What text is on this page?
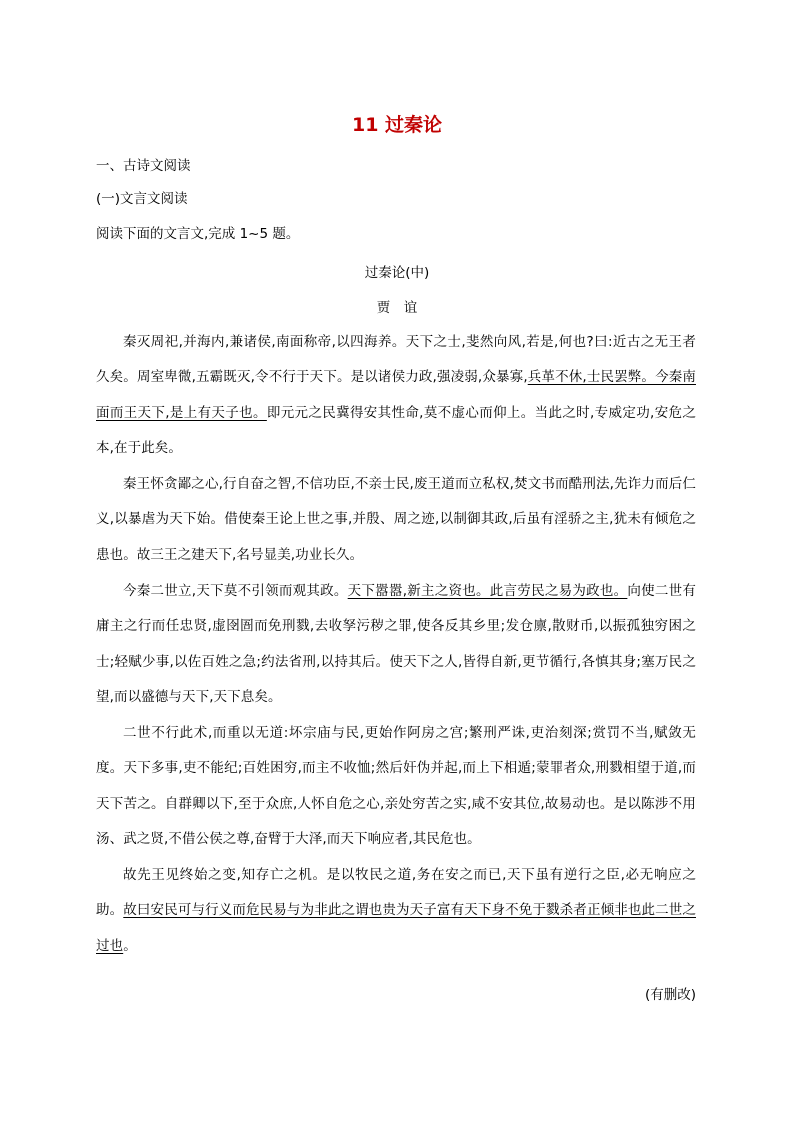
11 过秦论
一、古诗文阅读
(一)文言文阅读
阅读下面的文言文,完成 1~5 题。
过秦论(中)
贾　谊

秦灭周祀,并海内,兼诸侯,南面称帝,以四海养。天下之士,斐然向风,若是,何也?曰:近古之无王者久矣。周室卑微,五霸既灭,令不行于天下。是以诸侯力政,强凌弱,众暴寡,兵革不休,士民罢弊。今秦南面而王天下,是上有天子也。即元元之民冀得安其性命,莫不虚心而仰上。当此之时,专威定功,安危之本,在于此矣。

秦王怀贪鄙之心,行自奋之智,不信功臣,不亲士民,废王道而立私权,焚文书而酷刑法,先诈力而后仁义,以暴虐为天下始。借使秦王论上世之事,并殷、周之迹,以制御其政,后虽有淫骄之主,犹未有倾危之患也。故三王之建天下,名号显美,功业长久。

今秦二世立,天下莫不引领而观其政。天下嚣嚣,新主之资也。此言劳民之易为政也。向使二世有庸主之行而任忠贤,虚囹圄而免刑戮,去收孥污秽之罪,使各反其乡里;发仓廪,散财币,以振孤独穷困之士;轻赋少事,以佐百姓之急;约法省刑,以持其后。使天下之人,皆得自新,更节循行,各慎其身;塞万民之望,而以盛德与天下,天下息矣。

二世不行此术,而重以无道:坏宗庙与民,更始作阿房之宫;繁刑严诛,吏治刻深;赏罚不当,赋敛无度。天下多事,吏不能纪;百姓困穷,而主不收恤;然后奸伪并起,而上下相遁;蒙罪者众,刑戮相望于道,而天下苦之。自群卿以下,至于众庶,人怀自危之心,亲处穷苦之实,咸不安其位,故易动也。是以陈涉不用汤、武之贤,不借公侯之尊,奋臂于大泽,而天下响应者,其民危也。

故先王见终始之变,知存亡之机。是以牧民之道,务在安之而已,天下虽有逆行之臣,必无响应之助。故曰安民可与行义而危民易与为非此之谓也贵为天子富有天下身不免于戮杀者正倾非也此二世之过也。

(有删改)
